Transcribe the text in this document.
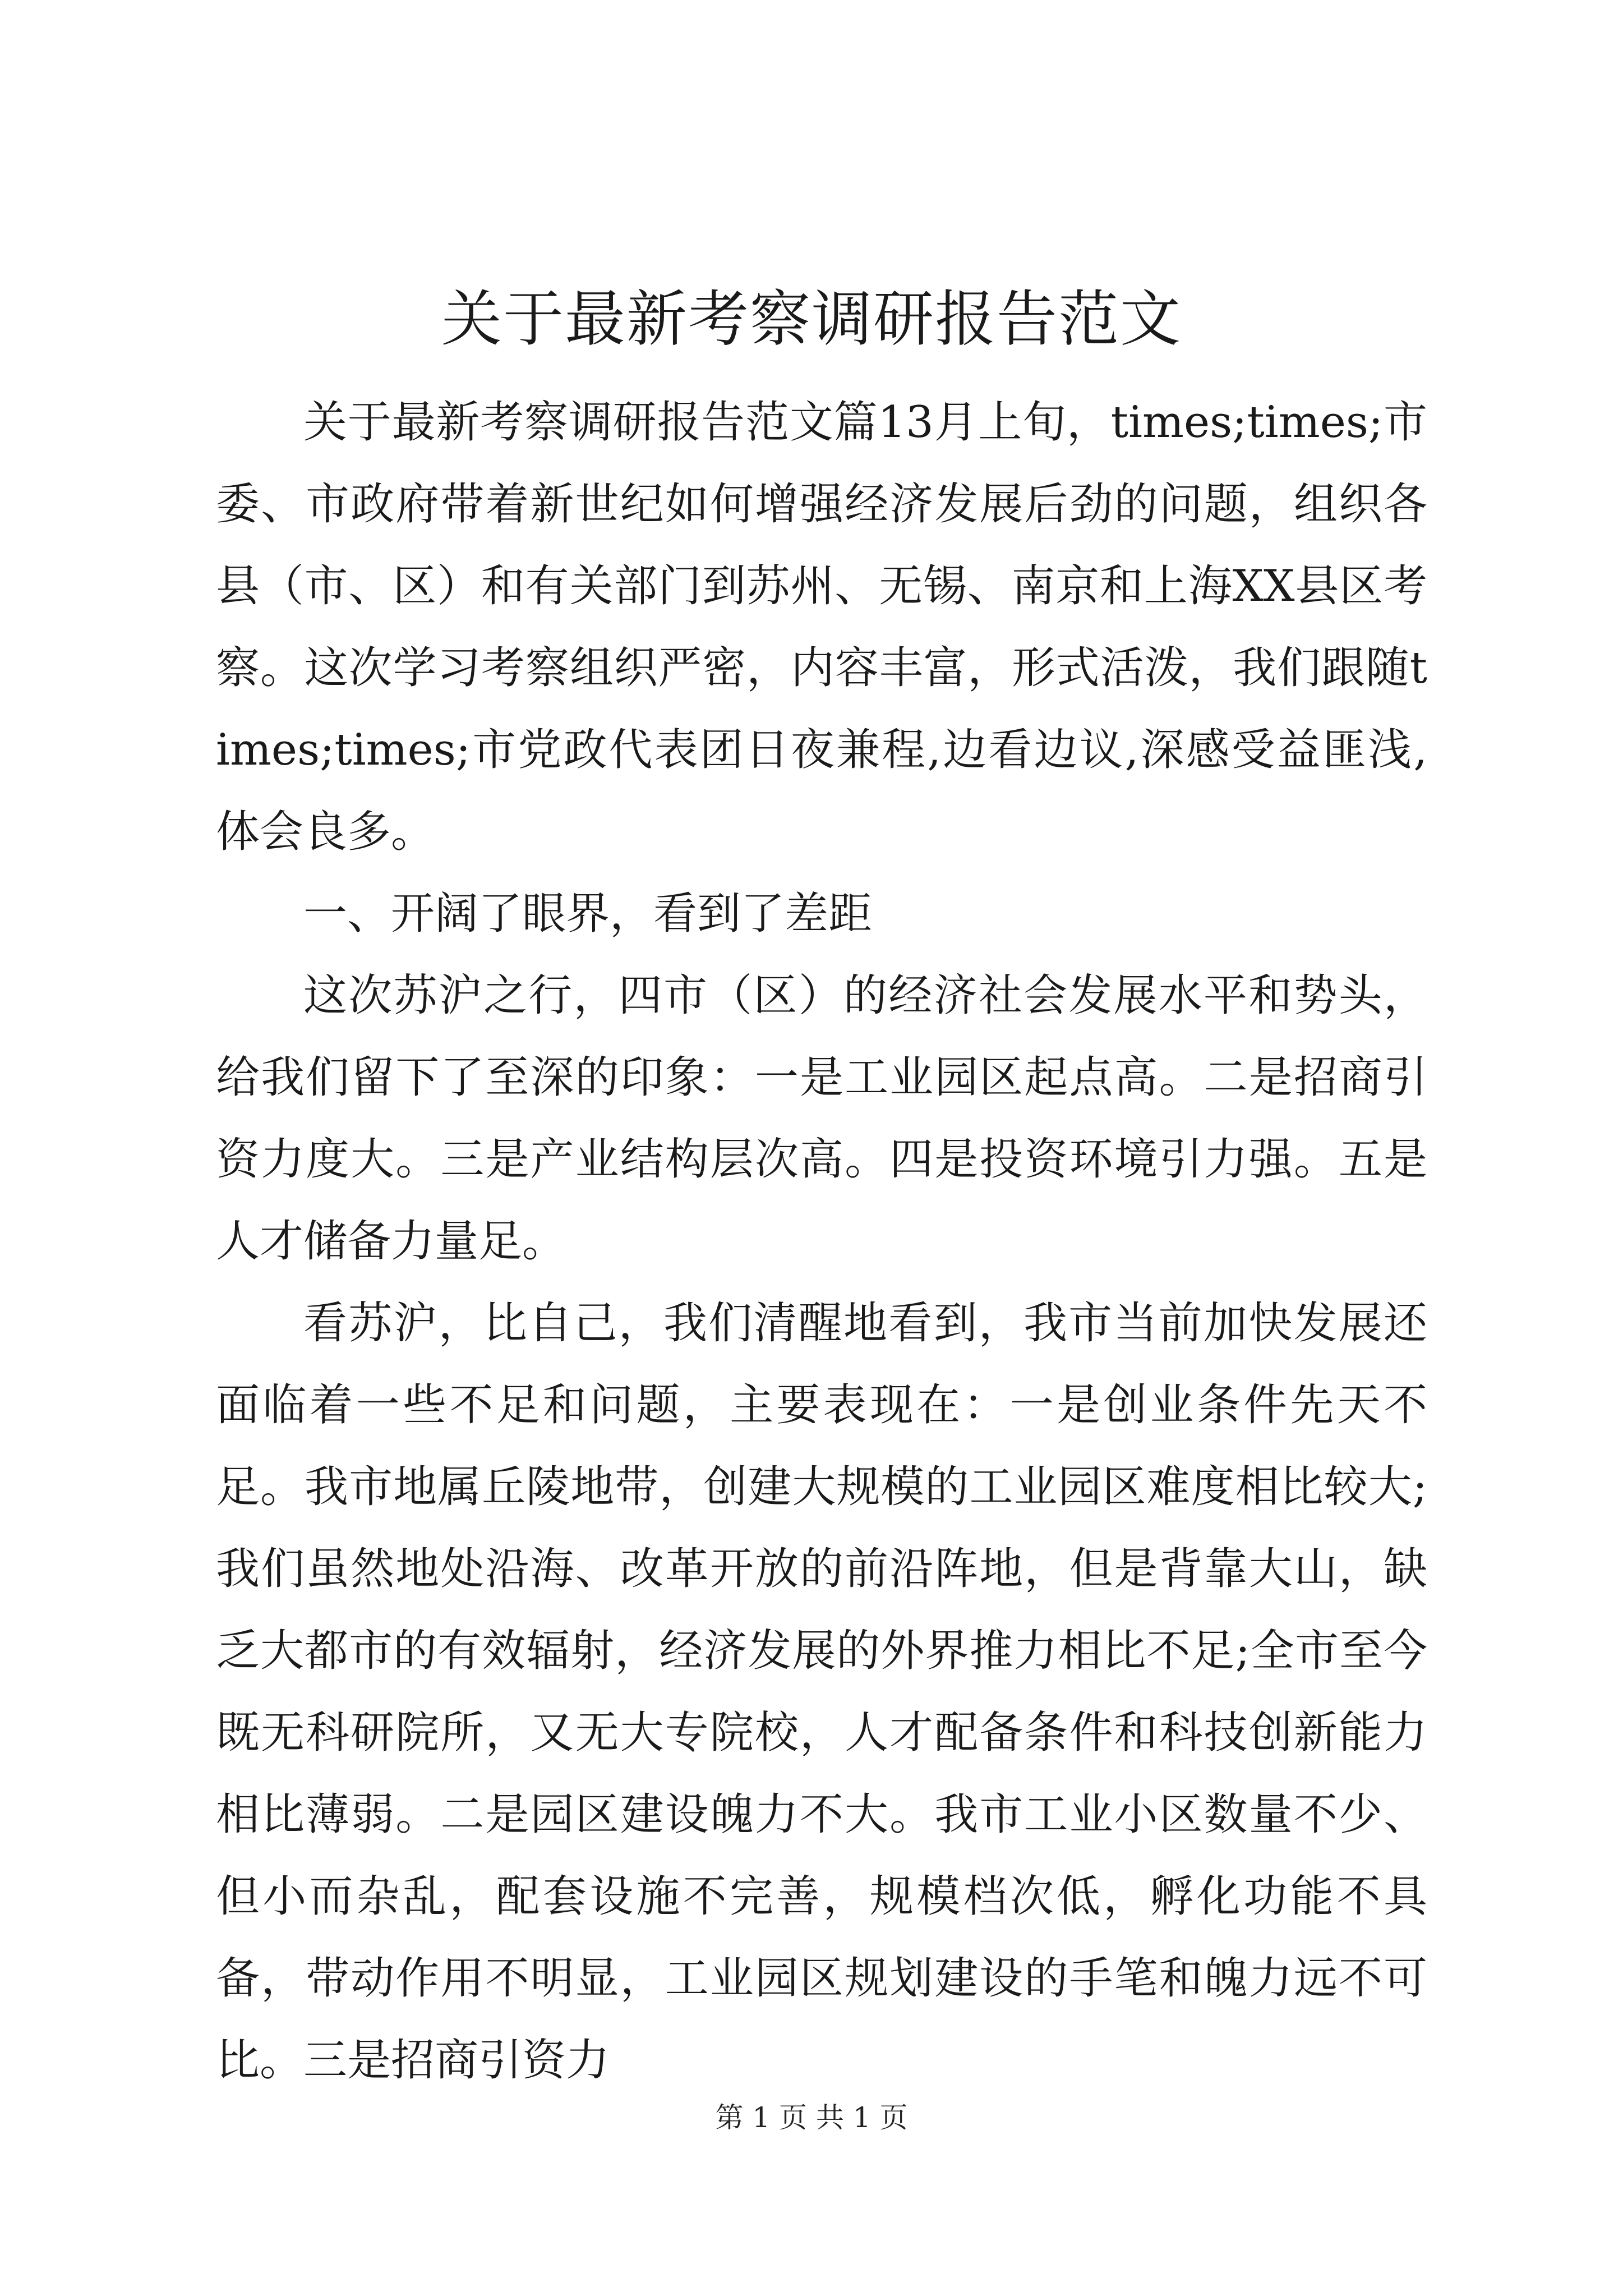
关于最新考察调研报告范文

关于最新考察调研报告范文篇13月上旬，times;times;市委、市政府带着新世纪如何增强经济发展后劲的问题，组织各县（市、区）和有关部门到苏州、无锡、南京和上海XX县区考察。这次学习考察组织严密，内容丰富，形式活泼，我们跟随times;times;市党政代表团日夜兼程,边看边议,深感受益匪浅,体会良多。

一、开阔了眼界，看到了差距

这次苏沪之行，四市（区）的经济社会发展水平和势头，给我们留下了至深的印象：一是工业园区起点高。二是招商引资力度大。三是产业结构层次高。四是投资环境引力强。五是人才储备力量足。

看苏沪，比自己，我们清醒地看到，我市当前加快发展还面临着一些不足和问题，主要表现在：一是创业条件先天不足。我市地属丘陵地带，创建大规模的工业园区难度相比较大;我们虽然地处沿海、改革开放的前沿阵地，但是背靠大山，缺乏大都市的有效辐射，经济发展的外界推力相比不足;全市至今既无科研院所，又无大专院校，人才配备条件和科技创新能力相比薄弱。二是园区建设魄力不大。我市工业小区数量不少、但小而杂乱，配套设施不完善，规模档次低，孵化功能不具备，带动作用不明显，工业园区规划建设的手笔和魄力远不可比。三是招商引资力

第 1 页 共 1 页
